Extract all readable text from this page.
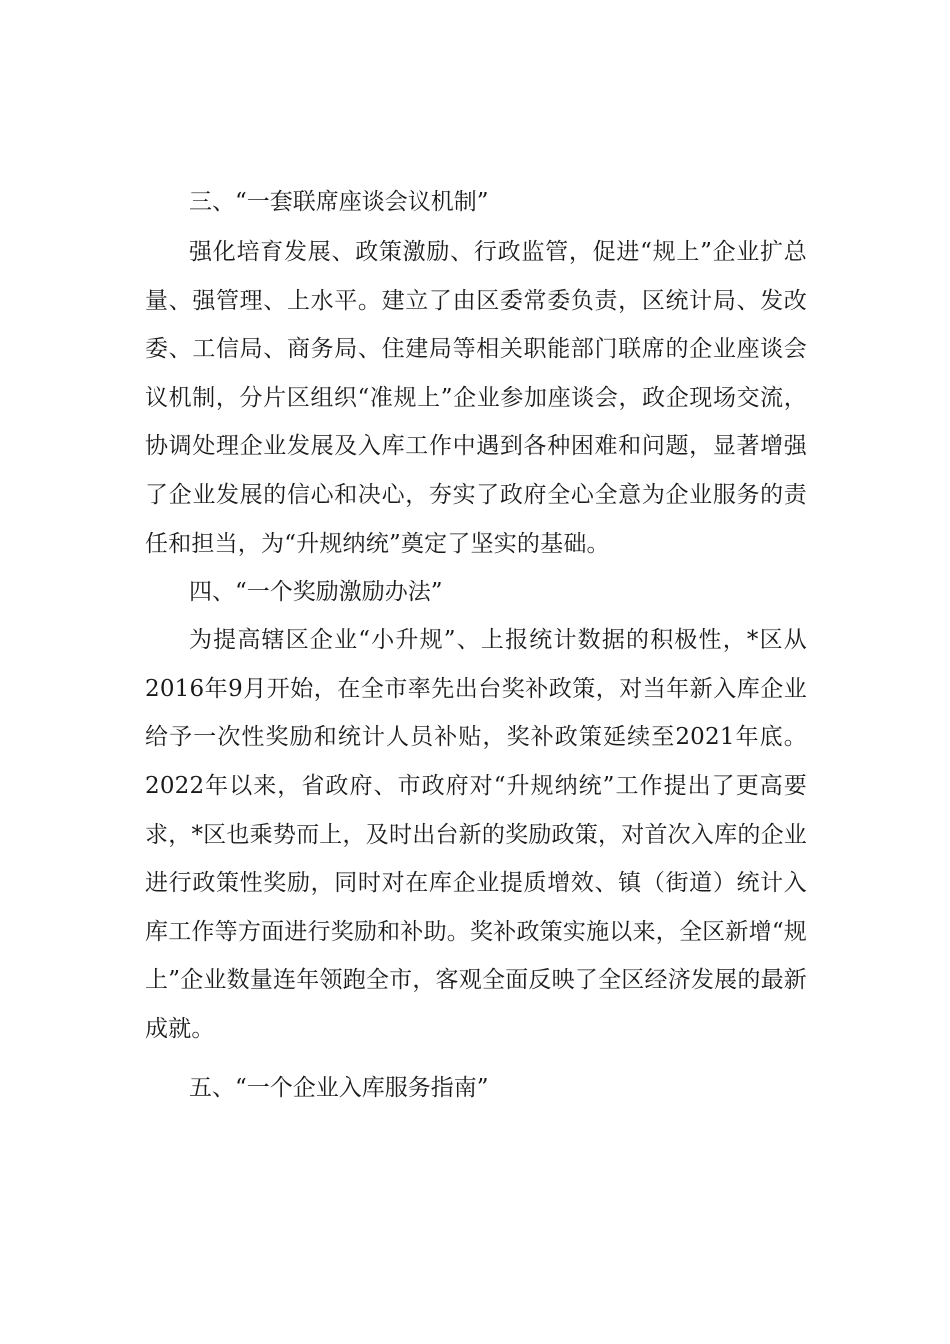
三、“一套联席座谈会议机制”

强化培育发展、政策激励、行政监管，促进“规上”企业扩总量、强管理、上水平。建立了由区委常委负责，区统计局、发改委、工信局、商务局、住建局等相关职能部门联席的企业座谈会议机制，分片区组织“准规上”企业参加座谈会，政企现场交流，协调处理企业发展及入库工作中遇到各种困难和问题，显著增强了企业发展的信心和决心，夯实了政府全心全意为企业服务的责任和担当，为“升规纳统”奠定了坚实的基础。

四、“一个奖励激励办法”

为提高辖区企业“小升规”、上报统计数据的积极性，*区从2016年9月开始，在全市率先出台奖补政策，对当年新入库企业给予一次性奖励和统计人员补贴，奖补政策延续至2021年底。2022年以来，省政府、市政府对“升规纳统”工作提出了更高要求，*区也乘势而上，及时出台新的奖励政策，对首次入库的企业进行政策性奖励，同时对在库企业提质增效、镇（街道）统计入库工作等方面进行奖励和补助。奖补政策实施以来，全区新增“规上”企业数量连年领跑全市，客观全面反映了全区经济发展的最新成就。

五、“一个企业入库服务指南”
